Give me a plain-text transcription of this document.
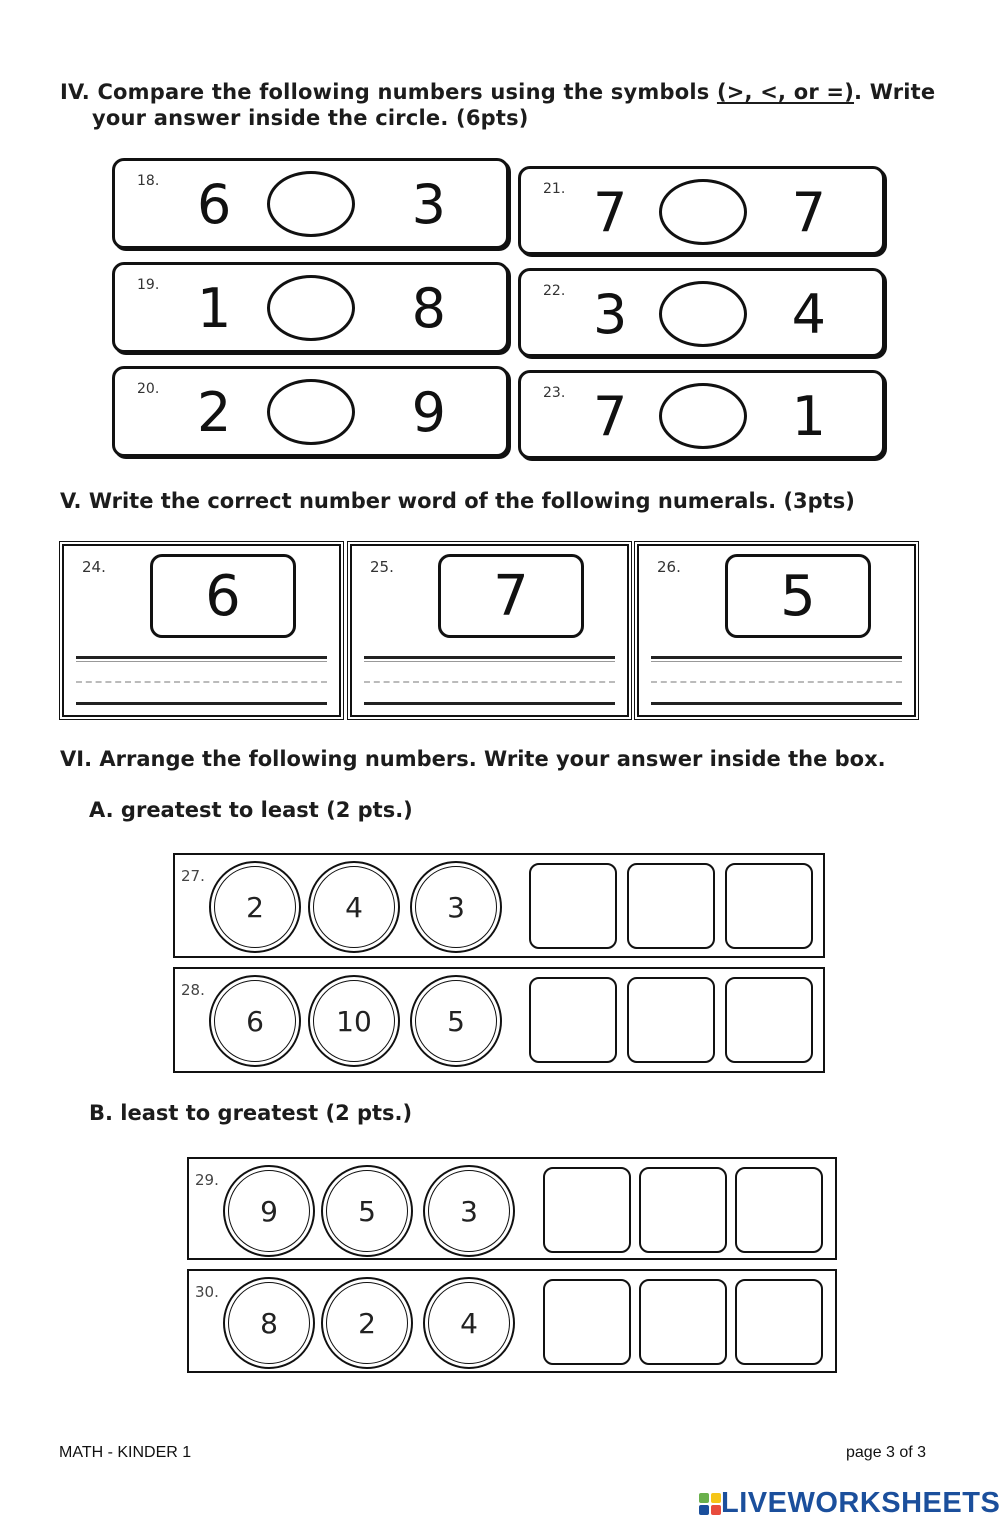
IV. Compare the following numbers using the symbols (>, <, or =). Write
your answer inside the circle. (6pts)
18. 6	3
19. 1	8
20. 2	9
21. 7	7
22. 3	4
23. 7	1
V. Write the correct number word of the following numerals. (3pts)
24.	6	25.	7	26.	5
VI. Arrange the following numbers. Write your answer inside the box.
A. greatest to least (2 pts.)
27.
2	4	3
28.
6	10	5
B. least to greatest (2 pts.)
29.
9	5	3
30.
8	2	4
MATH - KINDER 1	page 3 of 3
LIVEWORKSHEETS
